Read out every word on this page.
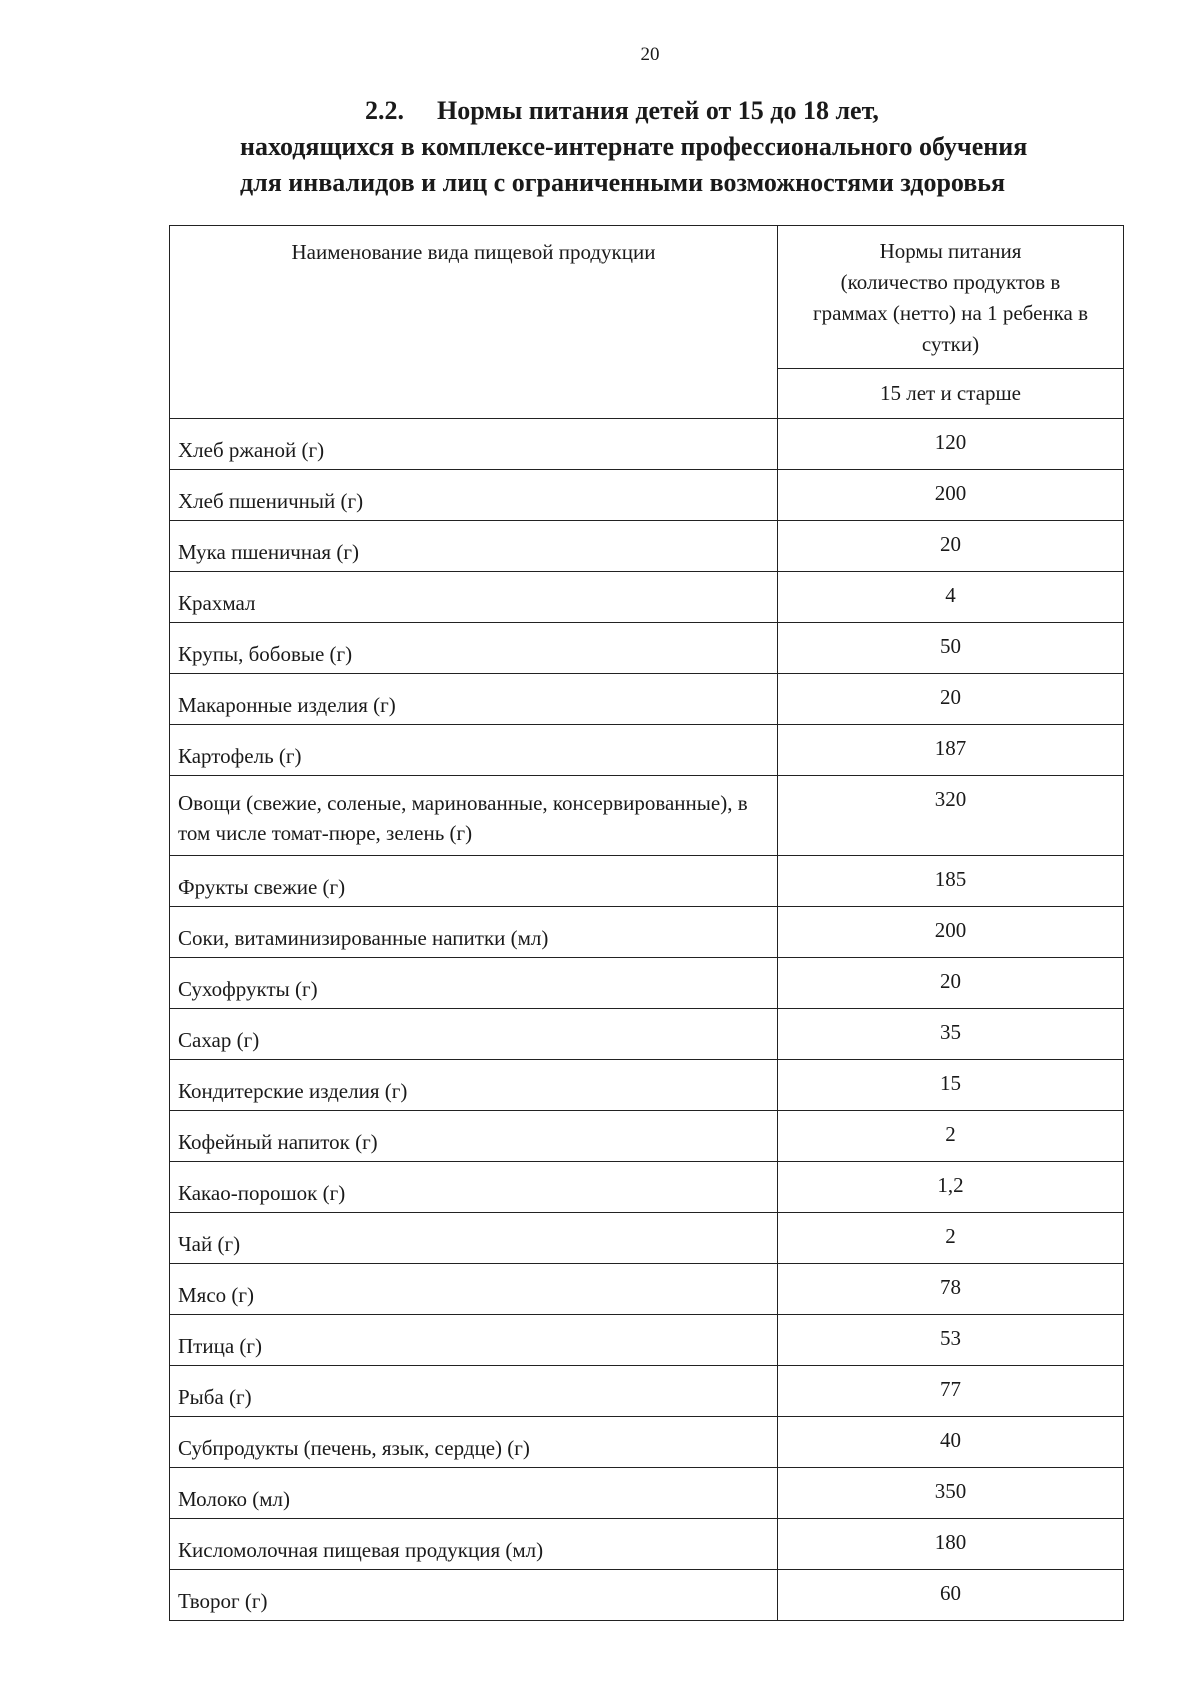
20
2.2.	Нормы питания детей от 15 до 18 лет,
находящихся в комплексе-интернате профессионального обучения
для инвалидов и лиц с ограниченными возможностями здоровья
Наименование вида пищевой продукции	Нормы питания
(количество продуктов в
граммах (нетто) на 1 ребенка в
сутки)

	15 лет и старше
Хлеб ржаной (г)	120
Хлеб пшеничный (г)	200
Мука пшеничная (г)	20
Крахмал	4
Крупы, бобовые (г)	50
Макаронные изделия (г)	20
Картофель (г)	187
Овощи (свежие, соленые, маринованные, консервированные), в том числе томат-пюре, зелень (г)	320
Фрукты свежие (г)	185
Соки, витаминизированные напитки (мл)	200
Сухофрукты (г)	20
Сахар (г)	35
Кондитерские изделия (г)	15
Кофейный напиток (г)	2
Какао-порошок (г)	1,2
Чай (г)	2
Мясо (г)	78
Птица (г)	53
Рыба (г)	77
Субпродукты (печень, язык, сердце) (г)	40
Молоко (мл)	350
Кисломолочная пищевая продукция (мл)	180
Творог (г)	60
